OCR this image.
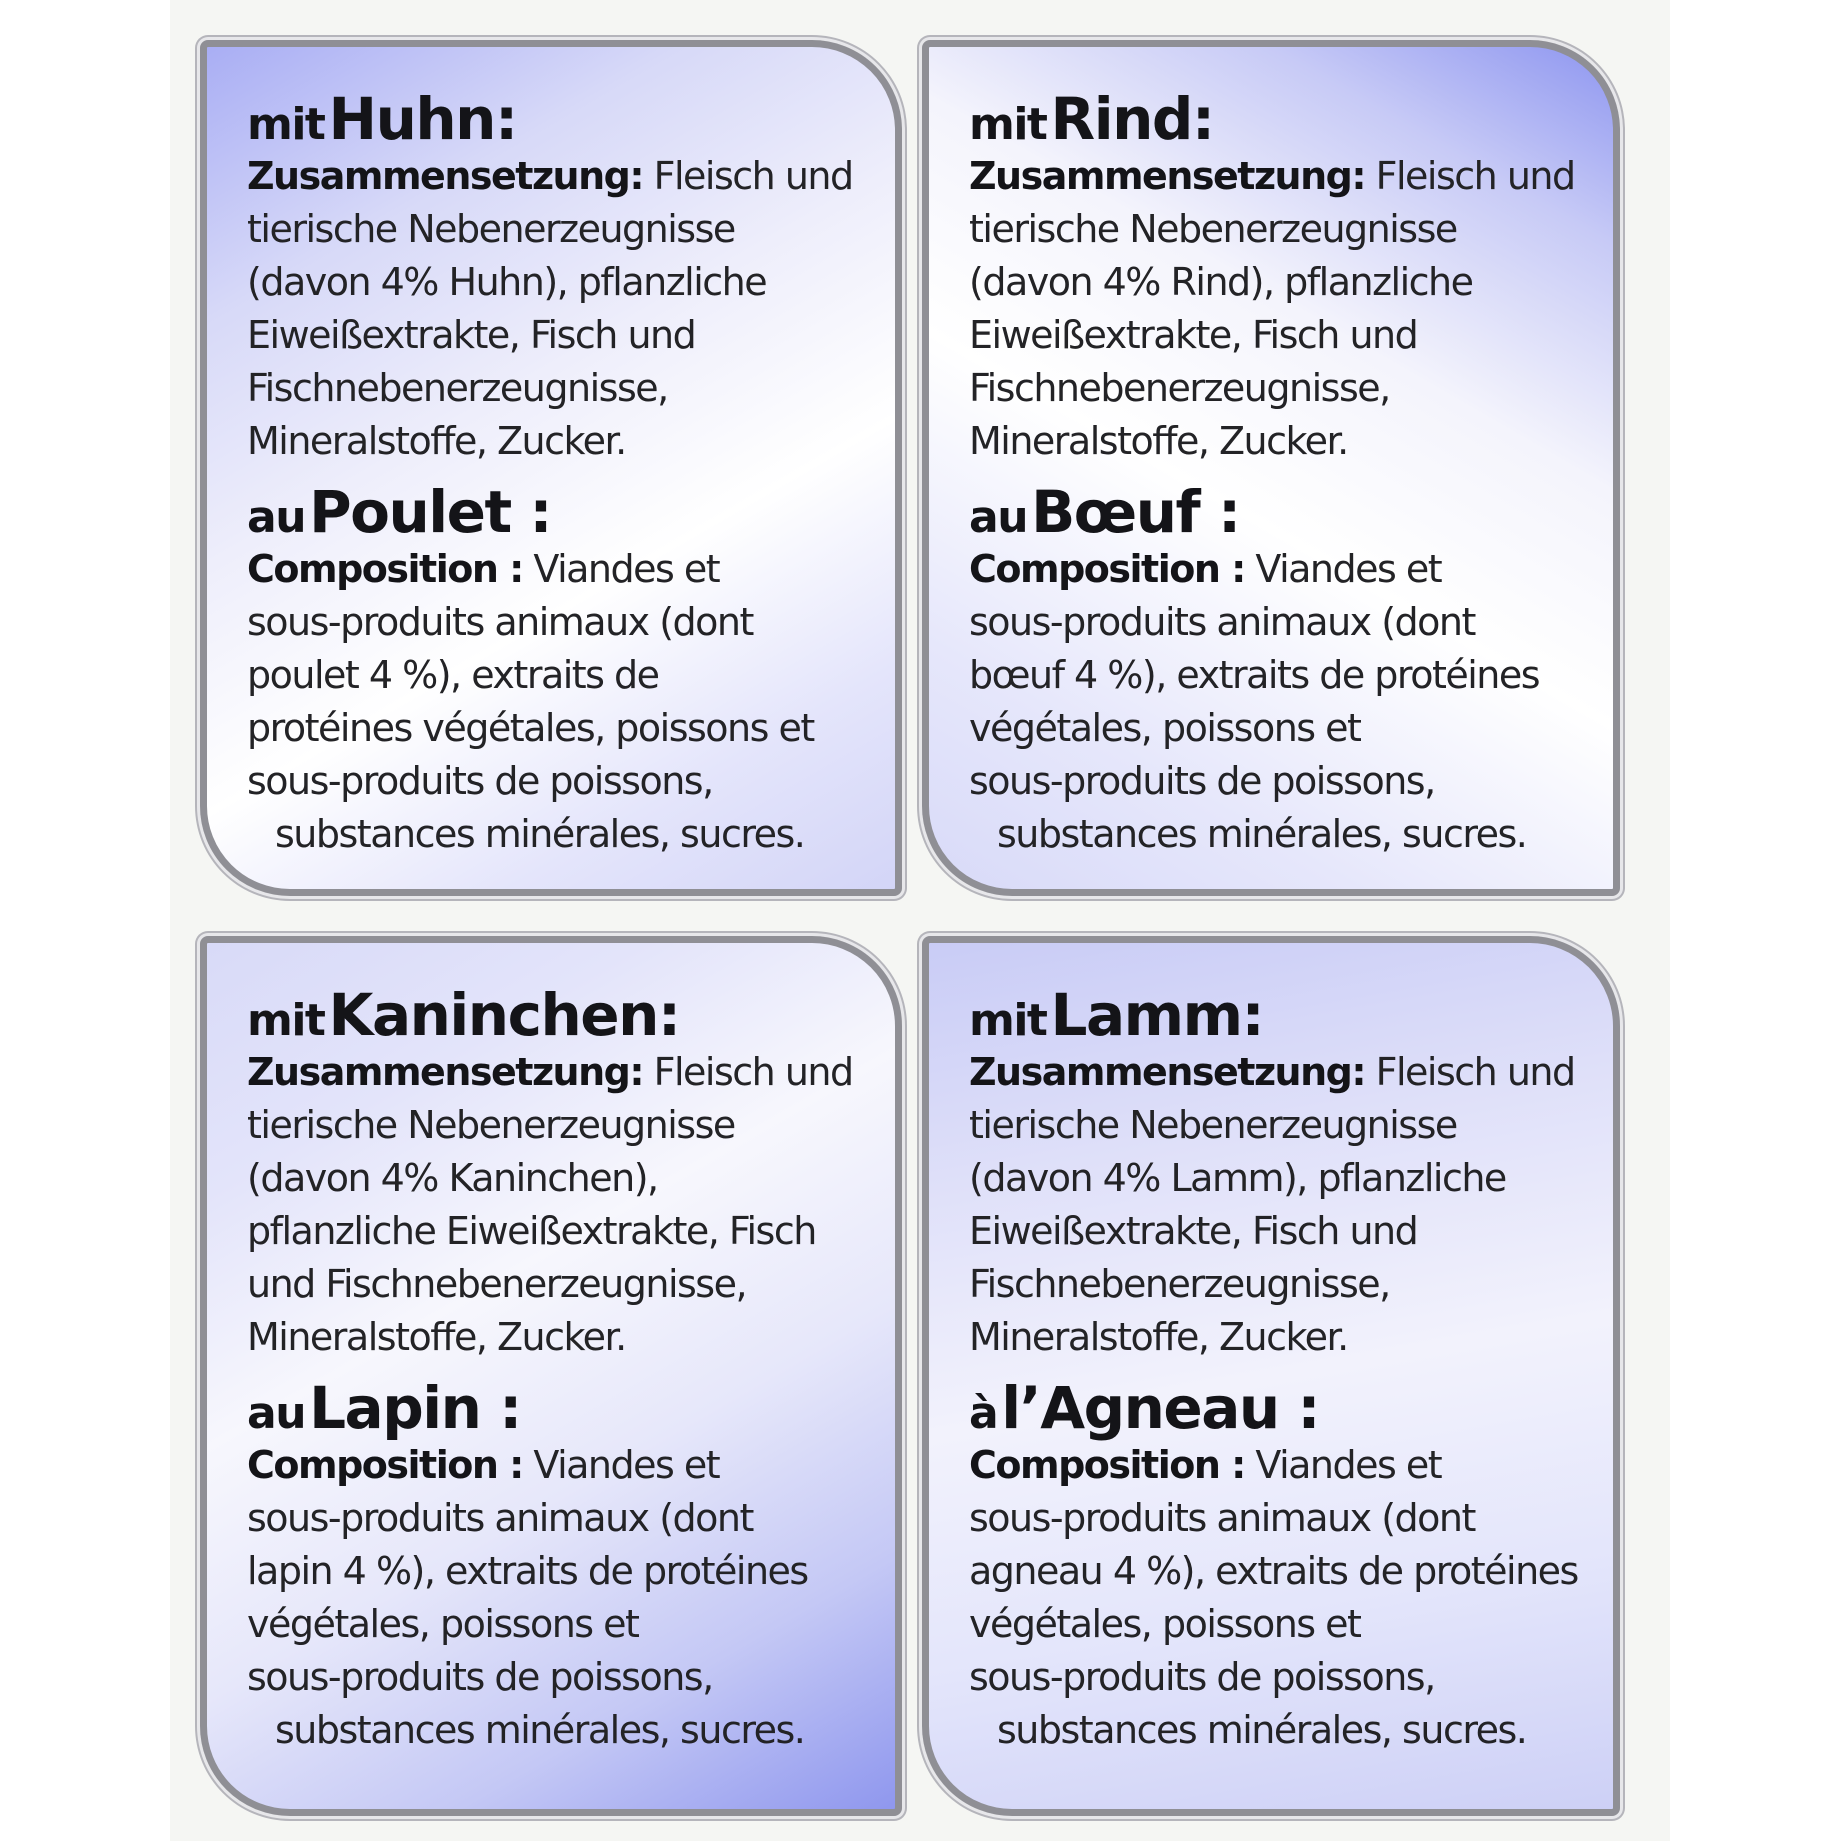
mit Huhn:

Zusammensetzung: Fleisch und
tierische Nebenerzeugnisse
(davon 4% Huhn), pflanzliche
Eiweißextrakte, Fisch und
Fischnebenerzeugnisse,
Mineralstoffe, Zucker.

au Poulet :

Composition : Viandes et
sous-produits animaux (dont
poulet 4 %), extraits de
protéines végétales, poissons et
sous-produits de poissons,
substances minérales, sucres.

mit Rind:

Zusammensetzung: Fleisch und
tierische Nebenerzeugnisse
(davon 4% Rind), pflanzliche
Eiweißextrakte, Fisch und
Fischnebenerzeugnisse,
Mineralstoffe, Zucker.

au Bœuf :

Composition : Viandes et
sous-produits animaux (dont
bœuf 4 %), extraits de protéines
végétales, poissons et
sous-produits de poissons,
substances minérales, sucres.

mit Kaninchen:

Zusammensetzung: Fleisch und
tierische Nebenerzeugnisse
(davon 4% Kaninchen),
pflanzliche Eiweißextrakte, Fisch
und Fischnebenerzeugnisse,
Mineralstoffe, Zucker.

au Lapin :

Composition : Viandes et
sous-produits animaux (dont
lapin 4 %), extraits de protéines
végétales, poissons et
sous-produits de poissons,
substances minérales, sucres.

mit Lamm:

Zusammensetzung: Fleisch und
tierische Nebenerzeugnisse
(davon 4% Lamm), pflanzliche
Eiweißextrakte, Fisch und
Fischnebenerzeugnisse,
Mineralstoffe, Zucker.

à l’Agneau :

Composition : Viandes et
sous-produits animaux (dont
agneau 4 %), extraits de protéines
végétales, poissons et
sous-produits de poissons,
substances minérales, sucres.
